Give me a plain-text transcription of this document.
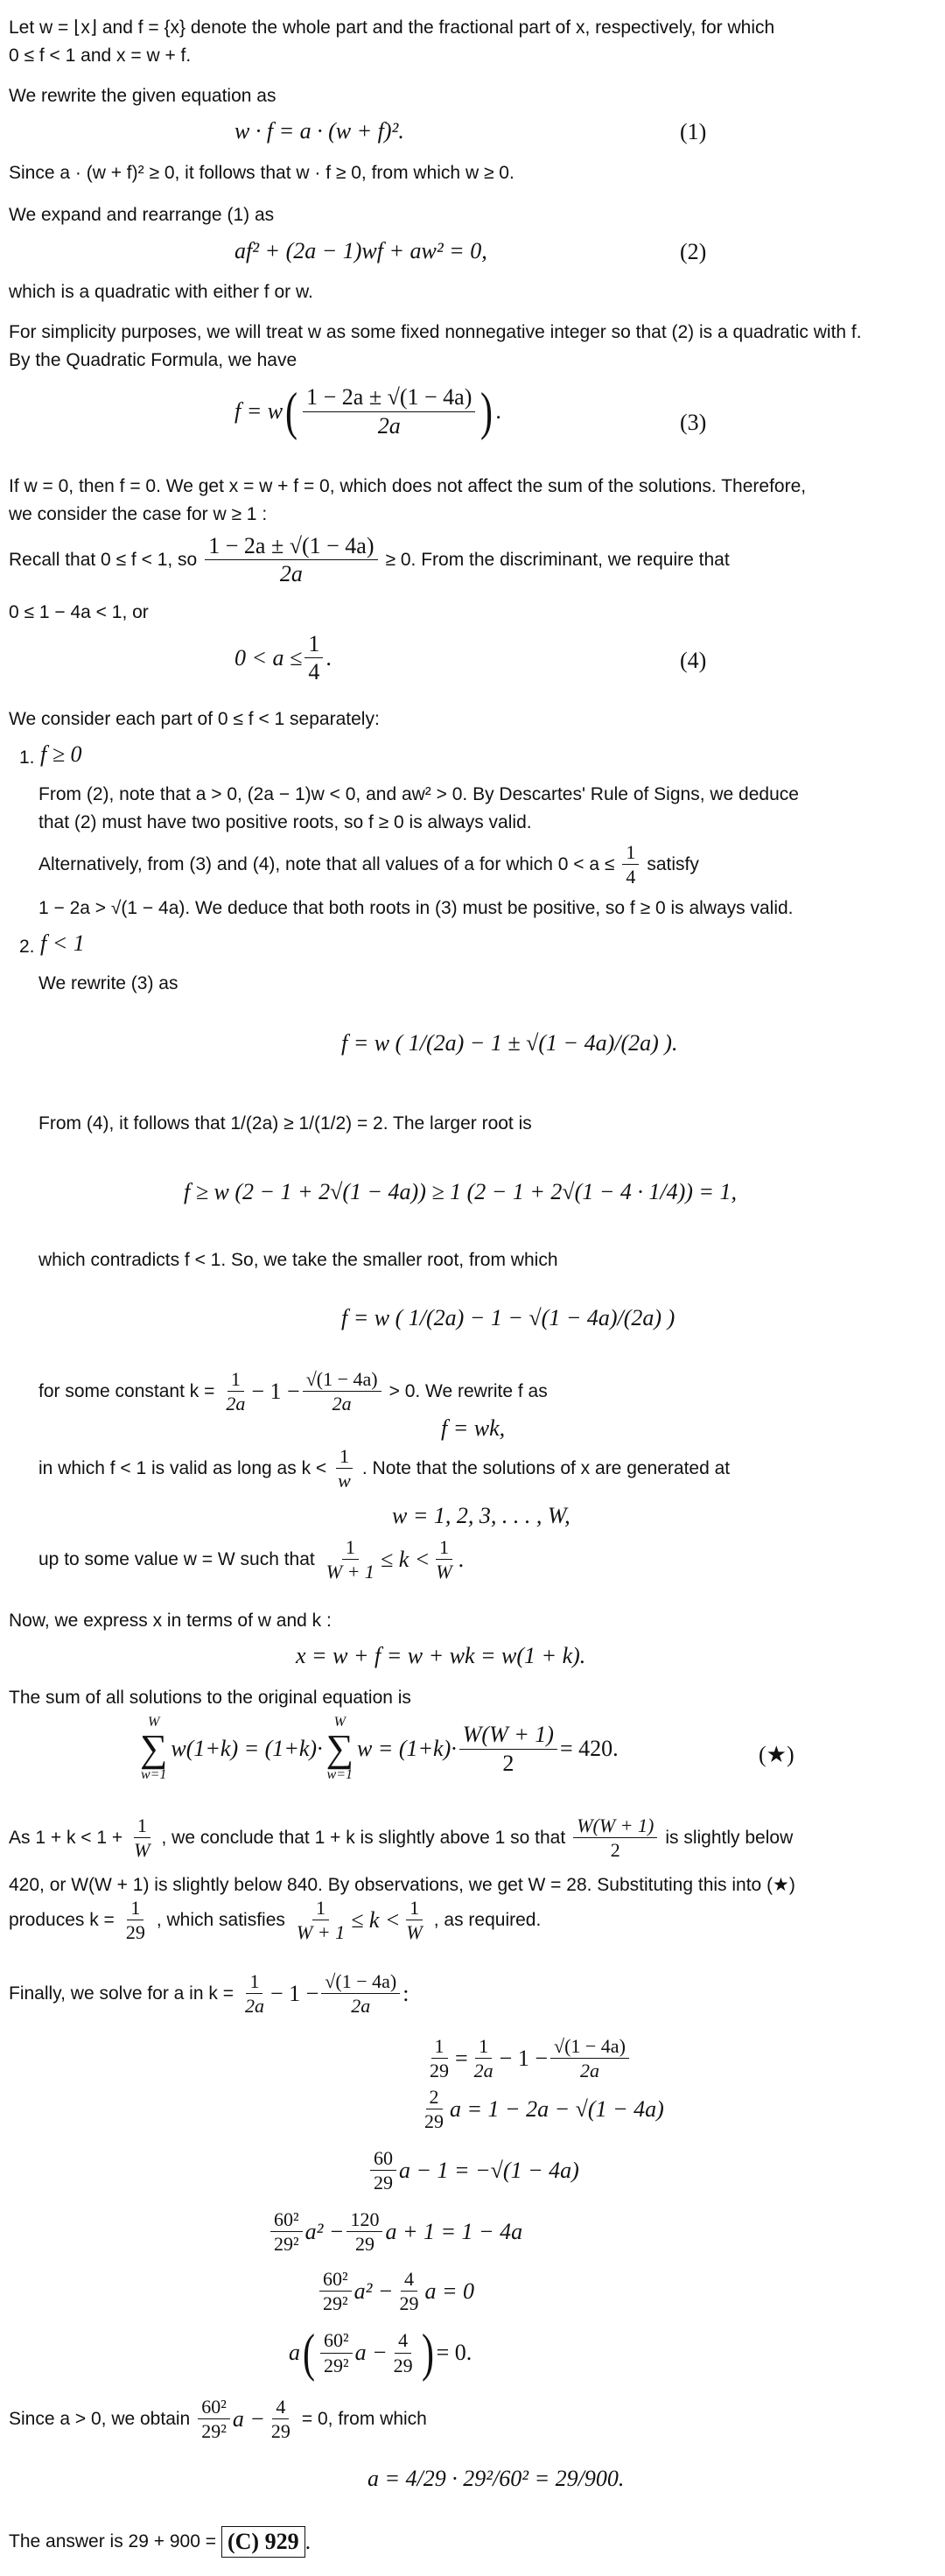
Let w = ⌊x⌋ and f = {x} denote the whole part and the fractional part of x, respectively, for which
0 ≤ f < 1 and x = w + f.
We rewrite the given equation as
w · f = a · (w + f)².	(1)
Since a · (w + f)² ≥ 0, it follows that w · f ≥ 0, from which w ≥ 0.
We expand and rearrange (1) as
af² + (2a − 1)wf + aw² = 0,	(2)
which is a quadratic with either f or w.
For simplicity purposes, we will treat w as some fixed nonnegative integer so that (2) is a quadratic with f.
By the Quadratic Formula, we have
f = w ( $\frac{1 - 2a \pm √(1 - 4a)}{2a}$ ) .	(3)
If w = 0, then f = 0. We get x = w + f = 0, which does not affect the sum of the solutions. Therefore,
we consider the case for w ≥ 1 :
Recall that 0 ≤ f < 1, so $\frac{1 - 2a \pm √(1 - 4a)}{2a} \ge 0$. From the discriminant, we require that
0 ≤ 1 − 4a < 1, or
$0 < a \le \frac{1}{4}$ .	(4)
We consider each part of 0 ≤ f < 1 separately:
1. f ≥ 0
From (2), note that a > 0, (2a − 1)w < 0, and aw² > 0. By Descartes' Rule of Signs, we deduce
that (2) must have two positive roots, so f ≥ 0 is always valid.
Alternatively, from (3) and (4), note that all values of a for which $0 < a \le \frac{1}{4}$ satisfy
1 − 2a > √(1 − 4a). We deduce that both roots in (3) must be positive, so f ≥ 0 is always valid.
2. f < 1
We rewrite (3) as
f = w ( 1/(2a) − 1 ± √(1 − 4a)/(2a) ).
From (4), it follows that 1/(2a) ≥ 1/(1/2) = 2. The larger root is
f ≥ w (2 − 1 + 2√(1 − 4a)) ≥ 1 (2 − 1 + 2√(1 − 4 · 1/4)) = 1,
which contradicts f < 1. So, we take the smaller root, from which
f = w ( 1/(2a) − 1 − √(1 − 4a)/(2a) )
for some constant $k = \frac{1}{2a} - 1 - \frac{√(1 - 4a)}{2a} > 0$. We rewrite f as
f = wk,
in which f < 1 is valid as long as $k < \frac{1}{w}$ . Note that the solutions of x are generated at
w = 1, 2, 3, . . . , W,
up to some value w = W such that $\frac{1}{W + 1} \le k < \frac{1}{W}$ .
Now, we express x in terms of w and k :
x = w + f = w + wk = w(1 + k).
The sum of all solutions to the original equation is
W
∑
w=1
w(1+k) = (1+k)·
W
∑
w=1
$w = (1+k)\cdot \frac{W(W + 1)}{2} = 420$.	(★)
As $1 + k < 1 + \frac{1}{W}$ , we conclude that 1 + k is slightly above 1 so that $\frac{W(W + 1)}{2}$ is slightly below
420, or W(W + 1) is slightly below 840. By observations, we get W = 28. Substituting this into (★)
produces $k = \frac{1}{29}$ , which satisfies $\frac{1}{W + 1} \le k < \frac{1}{W}$ , as required.
Finally, we solve for a in $k = \frac{1}{2a} - 1 - \frac{√(1 - 4a)}{2a}$ :
$\frac{1}{29} = \frac{1}{2a} - 1 - \frac{√(1 - 4a)}{2a}$
$\frac{2}{29}$ a = 1 − 2a − √(1 − 4a)
$\frac{60}{29}$ a − 1 = −√(1 − 4a)
$\frac{\text{60²}}{\text{29²}} a^2 - \frac{120}{29}$ a + 1 = 1 − 4a
$\frac{\text{60²}}{\text{29²}} a^2 - \frac{4}{29}$ a = 0
a ( $\frac{\text{60²}}{\text{29²}}$ $a - \frac{4}{29}$ ) = 0.
Since a > 0, we obtain $\frac{\text{60²}}{\text{29²}}$ $a - \frac{4}{29} = 0$, from which
a = 4/29 · 29²/60² = 29/900.
The answer is 29 + 900 = (C) 929 .
